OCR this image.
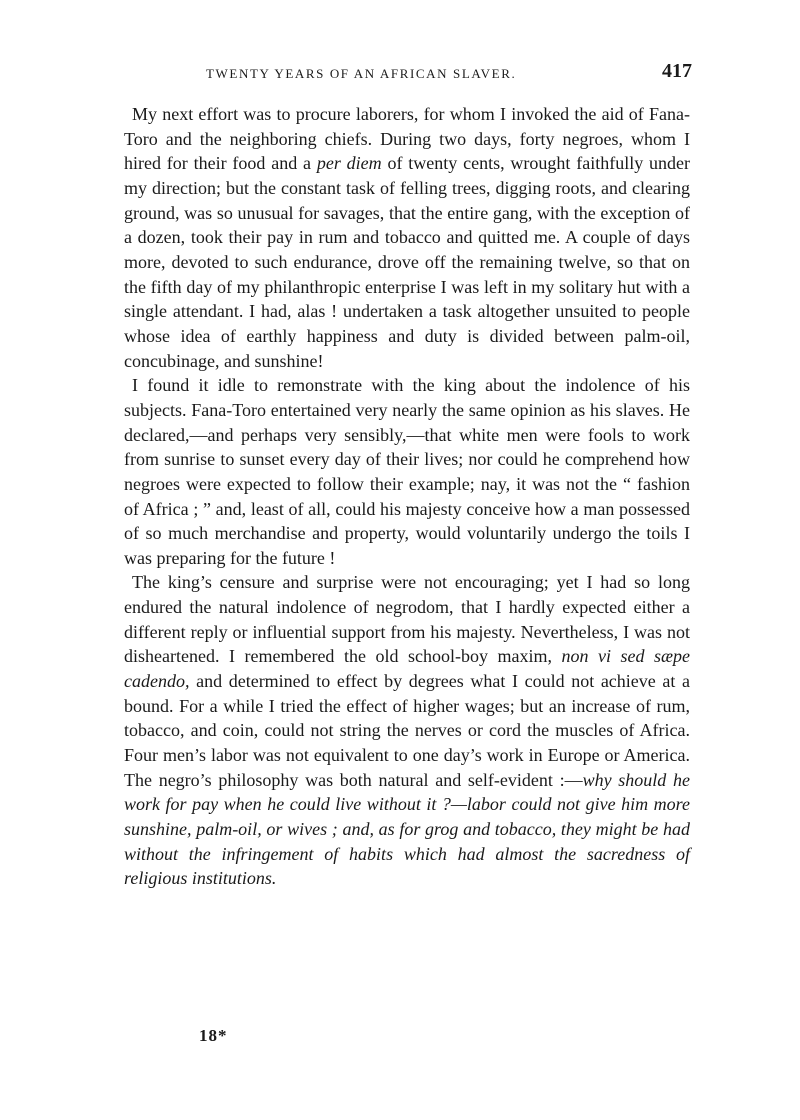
TWENTY YEARS OF AN AFRICAN SLAVER.	417

My next effort was to procure laborers, for whom I invoked the aid of Fana-Toro and the neighboring chiefs. During two days, forty negroes, whom I hired for their food and a per diem of twenty cents, wrought faithfully under my direction; but the constant task of felling trees, digging roots, and clearing ground, was so unusual for savages, that the entire gang, with the exception of a dozen, took their pay in rum and tobacco and quitted me. A couple of days more, devoted to such endurance, drove off the remaining twelve, so that on the fifth day of my philanthropic enterprise I was left in my solitary hut with a single attendant. I had, alas ! undertaken a task altogether unsuited to people whose idea of earthly happiness and duty is divided between palm-oil, concubinage, and sunshine!

I found it idle to remonstrate with the king about the indolence of his subjects. Fana-Toro entertained very nearly the same opinion as his slaves. He declared,—and perhaps very sensibly,—that white men were fools to work from sunrise to sunset every day of their lives; nor could he comprehend how negroes were expected to follow their example; nay, it was not the “ fashion of Africa ; ” and, least of all, could his majesty conceive how a man possessed of so much merchandise and property, would voluntarily undergo the toils I was preparing for the future !

The king’s censure and surprise were not encouraging; yet I had so long endured the natural indolence of negrodom, that I hardly expected either a different reply or influential support from his majesty. Nevertheless, I was not disheartened. I remembered the old school-boy maxim, non vi sed sæpe cadendo, and determined to effect by degrees what I could not achieve at a bound. For a while I tried the effect of higher wages; but an increase of rum, tobacco, and coin, could not string the nerves or cord the muscles of Africa. Four men’s labor was not equivalent to one day’s work in Europe or America. The negro’s philosophy was both natural and self-evident :—why should he work for pay when he could live without it ?—labor could not give him more sunshine, palm-oil, or wives ; and, as for grog and tobacco, they might be had without the infringement of habits which had almost the sacredness of religious institutions.

18*
